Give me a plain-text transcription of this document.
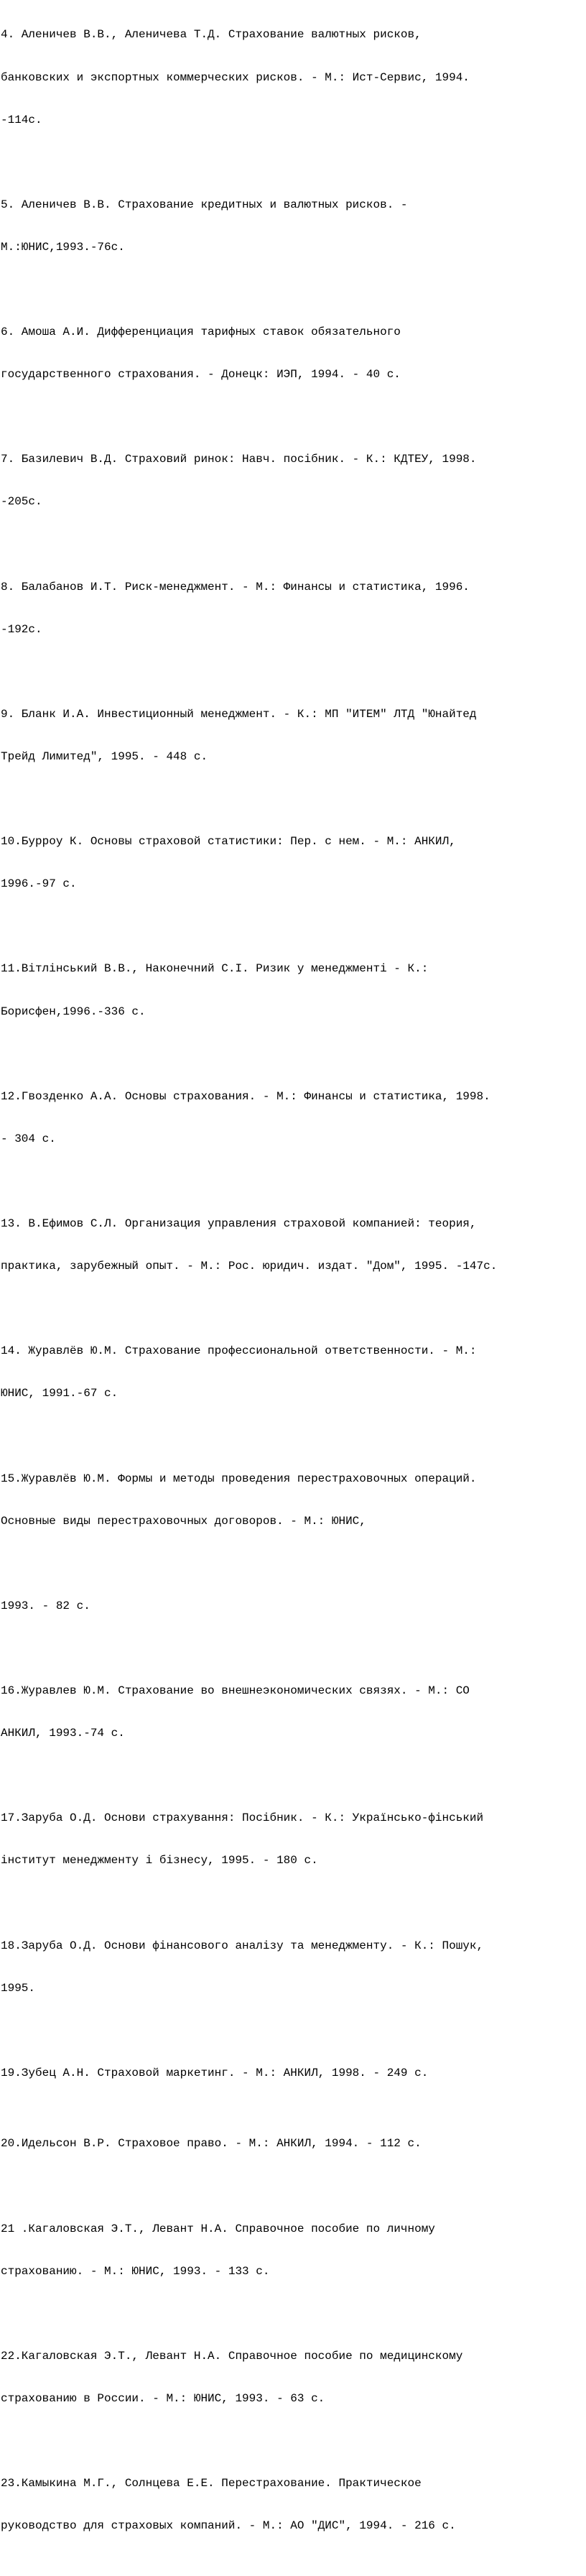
4. Аленичев В.В., Аленичева Т.Д. Страхование валютных рисков,

банковских и экспортных коммерческих рисков. - М.: Ист-Сервис, 1994.

-114с.

5. Аленичев В.В. Страхование кредитных и валютных рисков. -

М.:ЮНИС,1993.-76с.

6. Амоша А.И. Дифференциация тарифных ставок обязательного

государственного страхования. - Донецк: ИЭП, 1994. - 40 с.

7. Базилевич В.Д. Страховий ринок: Навч. посібник. - К.: КДТЕУ, 1998.

-205с.

8. Балабанов И.Т. Риск-менеджмент. - М.: Финансы и статистика, 1996.

-192с.

9. Бланк И.А. Инвестиционный менеджмент. - К.: МП "ИТЕМ" ЛТД "Юнайтед

Трейд Лимитед", 1995. - 448 с.

10.Бурроу К. Основы страховой статистики: Пер. с нем. - М.: АНКИЛ,

1996.-97 с.

11.Вітлінський В.В., Наконечний С.І. Ризик у менеджменті - К.:

Борисфен,1996.-336 с.

12.Гвозденко А.А. Основы страхования. - М.: Финансы и статистика, 1998.

- 304 с.

13. В.Ефимов С.Л. Организация управления страховой компанией: теория,

практика, зарубежный опыт. - М.: Рос. юридич. издат. "Дом", 1995. -147с.

14. Журавлёв Ю.М. Страхование профессиональной ответственности. - М.:

ЮНИС, 1991.-67 с.

15.Журавлёв Ю.М. Формы и методы проведения перестраховочных операций.

Основные виды перестраховочных договоров. - М.: ЮНИС,

1993. - 82 с.

16.Журавлев Ю.М. Страхование во внешнеэкономических связях. - М.: СО

АНКИЛ, 1993.-74 с.

17.Заруба О.Д. Основи страхування: Посібник. - К.: Українсько-фінський

інститут менеджменту і бізнесу, 1995. - 180 с.

18.Заруба О.Д. Основи фінансового аналізу та менеджменту. - К.: Пошук,

1995.

19.Зубец А.Н. Страховой маркетинг. - М.: АНКИЛ, 1998. - 249 с.

20.Идельсон В.Р. Страховое право. - М.: АНКИЛ, 1994. - 112 с.

21 .Кагаловская Э.Т., Левант Н.А. Справочное пособие по личному

страхованию. - М.: ЮНИС, 1993. - 133 с.

22.Кагаловская Э.Т., Левант Н.А. Справочное пособие по медицинскому

страхованию в России. - М.: ЮНИС, 1993. - 63 с.

23.Камыкина М.Г., Солнцева Е.Е. Перестрахование. Практическое

руководство для страховых компаний. - М.: АО "ДИС", 1994. - 216 с.
